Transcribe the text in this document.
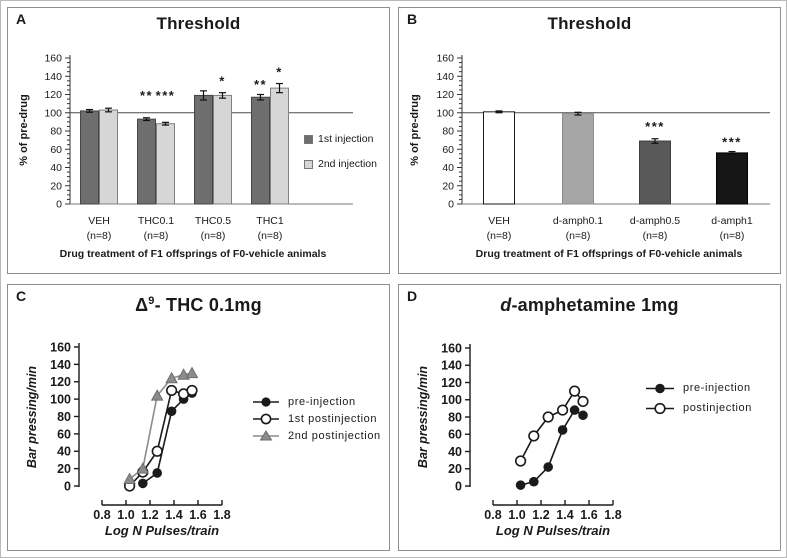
A	Threshold
% of pre-drug
0
20
40
60
80
100
120
140
160
**
**
***
*
*
VEH
(n=8)
THC0.1
(n=8)
THC0.5
(n=8)
THC1
(n=8)
Drug treatment of F1 offsprings of F0-vehicle animals
1st injection
2nd injection
B	Threshold
% of pre-drug
0
20
40
60
80
100
120
140
160
***
***
VEH
(n=8)
d-amph0.1
(n=8)
d-amph0.5
(n=8)
d-amph1
(n=8)
Drug treatment of F1 offsprings of F0-vehicle animals
C	$\Delta^9-$ THC 0.1mg
Bar pressing/min
0
20
40
60
80
100
120
140
160
0.8 1.0 1.2 1.4 1.6 1.8
Log N Pulses/train
pre-injection
1st postinjection
2nd postinjection
D	d-amphetamine 1mg
Bar pressing/min
0
20
40
60
80
100
120
140
160
0.8 1.0 1.2 1.4 1.6 1.8
Log N Pulses/train
pre-injection
postinjection
